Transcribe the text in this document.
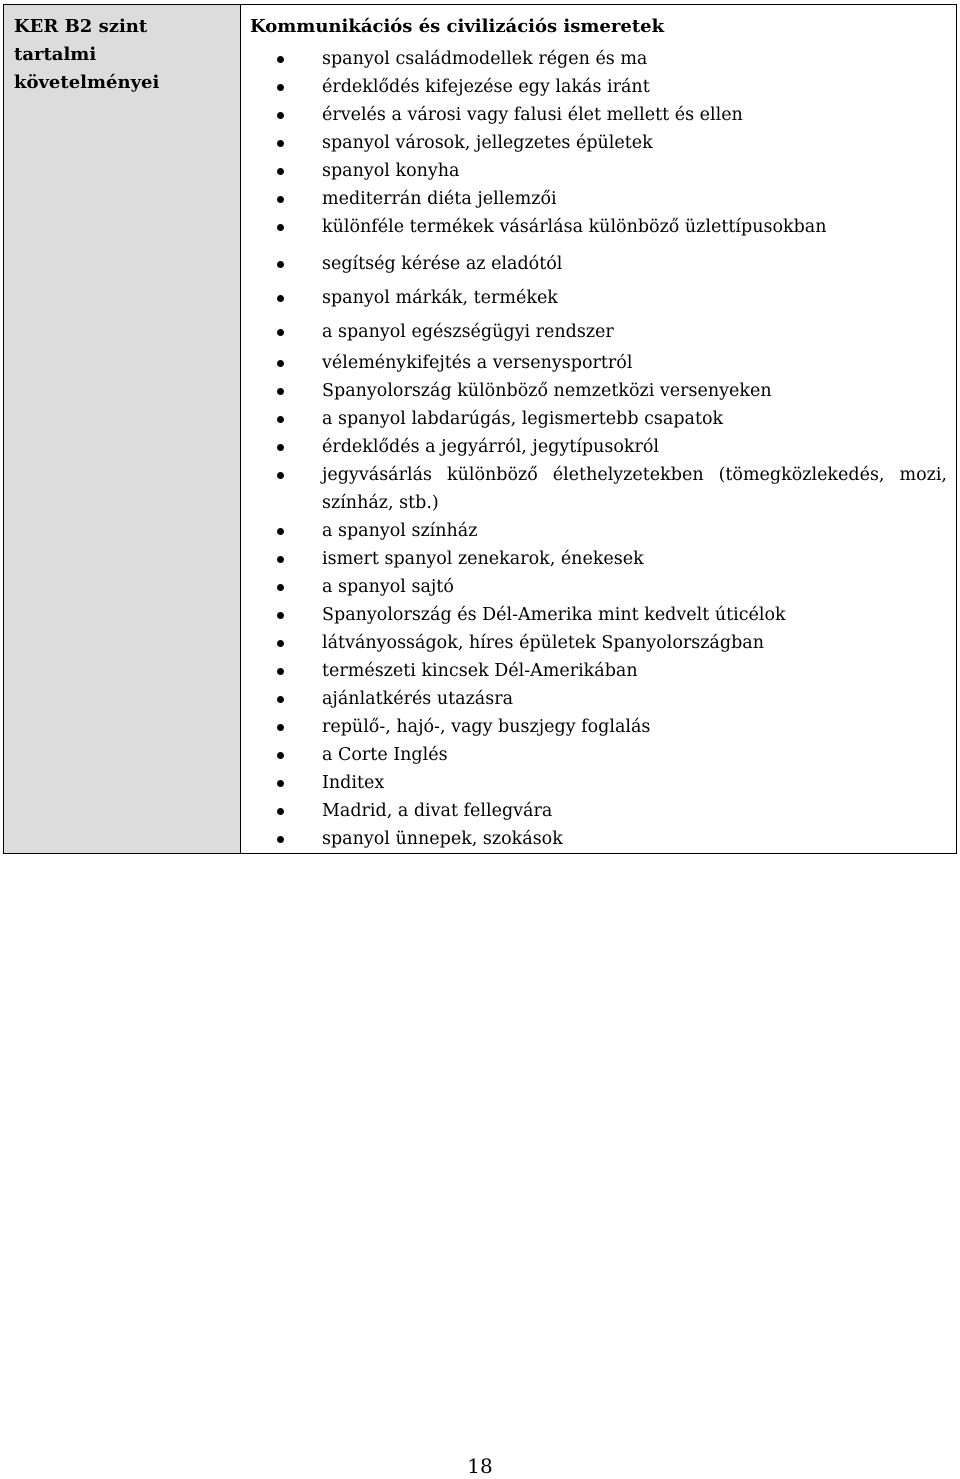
KER B2 szint tartalmi követelményei

Kommunikációs és civilizációs ismeretek
spanyol családmodellek régen és ma
érdeklődés kifejezése egy lakás iránt
érvelés a városi vagy falusi élet mellett és ellen
spanyol városok, jellegzetes épületek
spanyol konyha
mediterrán diéta jellemzői
különféle termékek vásárlása különböző üzlettípusokban
segítség kérése az eladótól
spanyol márkák, termékek
a spanyol egészségügyi rendszer
véleménykifejtés a versenysportról
Spanyolország különböző nemzetközi versenyeken
a spanyol labdarúgás, legismertebb csapatok
érdeklődés a jegyárról, jegytípusokról
jegyvásárlás különböző élethelyzetekben (tömegközlekedés, mozi, színház, stb.)
a spanyol színház
ismert spanyol zenekarok, énekesek
a spanyol sajtó
Spanyolország és Dél-Amerika mint kedvelt úticélok
látványosságok, híres épületek Spanyolországban
természeti kincsek Dél-Amerikában
ajánlatkérés utazásra
repülő-, hajó-, vagy buszjegy foglalás
a Corte Inglés
Inditex
Madrid, a divat fellegvára
spanyol ünnepek, szokások
18
